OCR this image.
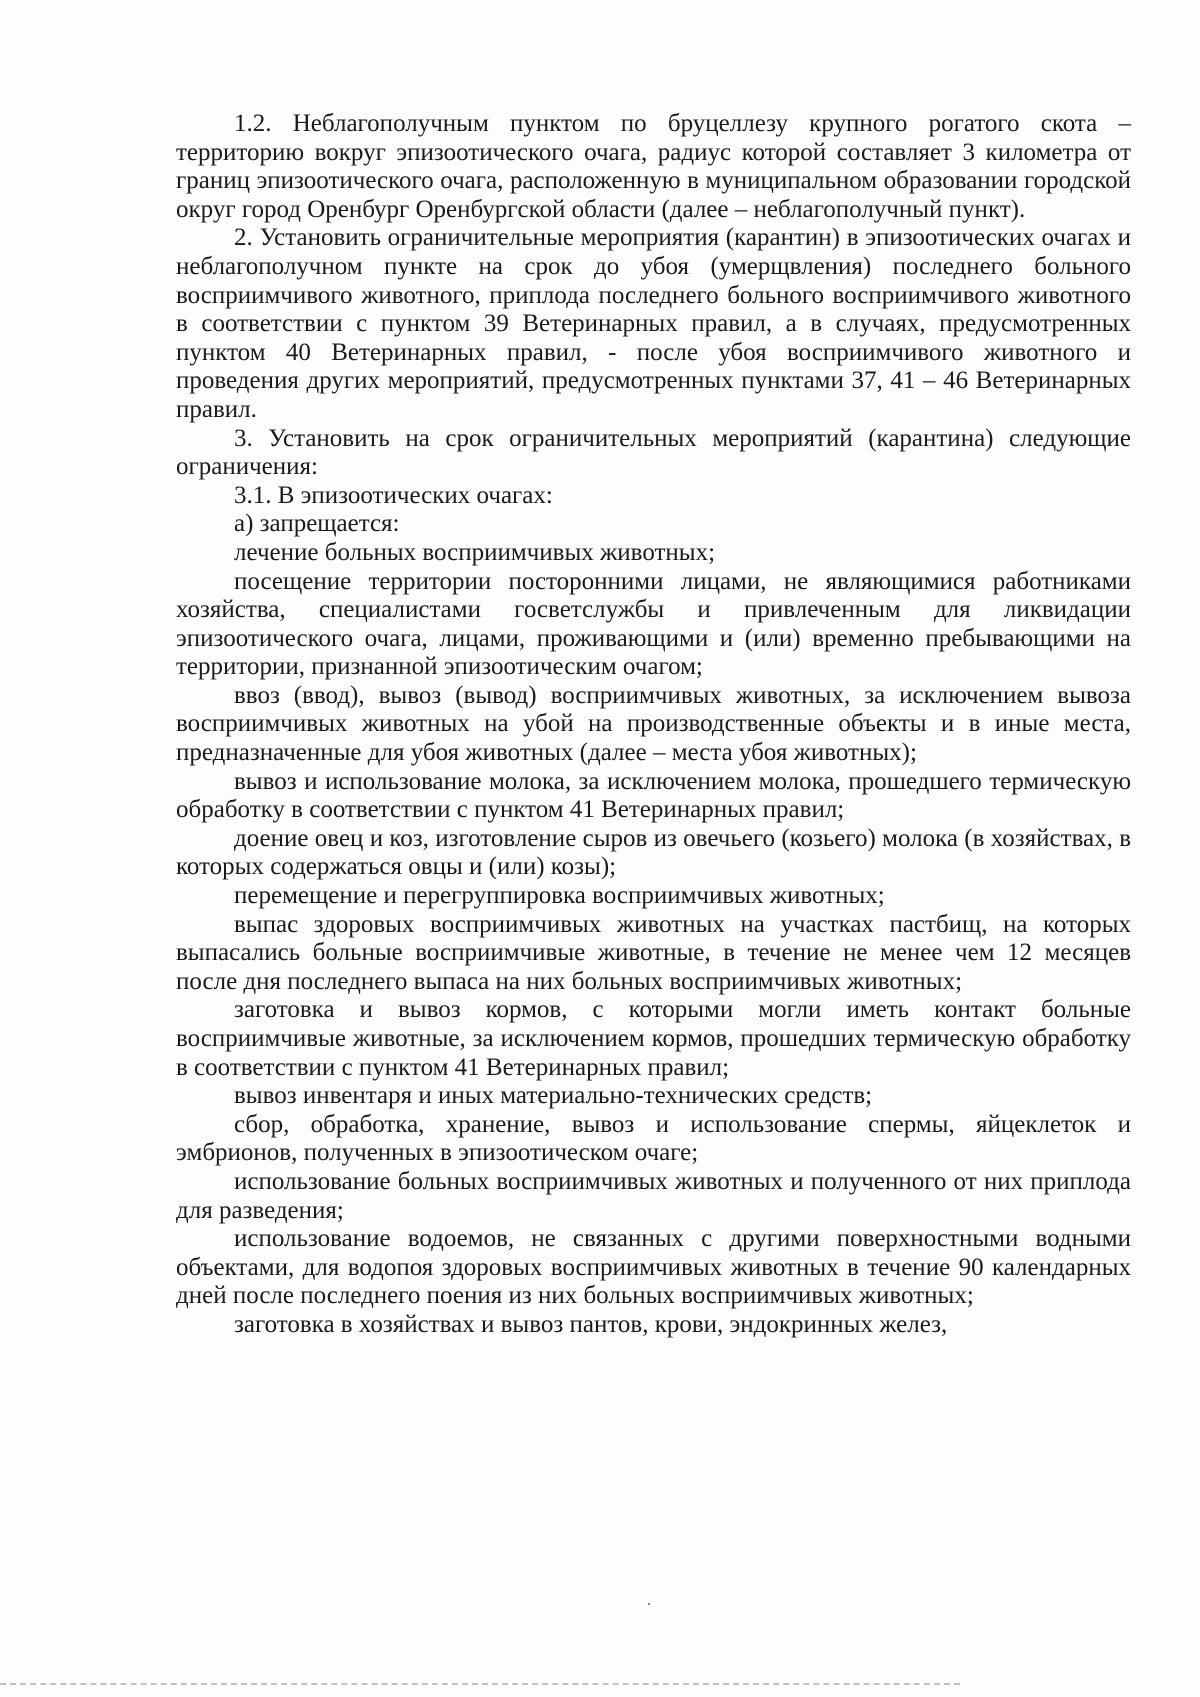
1.2. Неблагополучным пунктом по бруцеллезу крупного рогатого скота – территорию вокруг эпизоотического очага, радиус которой составляет 3 километра от границ эпизоотического очага, расположенную в муниципальном образовании городской округ город Оренбург Оренбургской области (далее – неблагополучный пункт).

2. Установить ограничительные мероприятия (карантин) в эпизоотических очагах и неблагополучном пункте на срок до убоя (умерщвления) последнего больного восприимчивого животного, приплода последнего больного восприимчивого животного в соответствии с пунктом 39 Ветеринарных правил, а в случаях, предусмотренных пунктом 40 Ветеринарных правил, - после убоя восприимчивого животного и проведения других мероприятий, предусмотренных пунктами 37, 41 – 46 Ветеринарных правил.

3. Установить на срок ограничительных мероприятий (карантина) следующие ограничения:

3.1. В эпизоотических очагах:

а) запрещается:

лечение больных восприимчивых животных;

посещение территории посторонними лицами, не являющимися работниками хозяйства, специалистами госветслужбы и привлеченным для ликвидации эпизоотического очага, лицами, проживающими и (или) временно пребывающими на территории, признанной эпизоотическим очагом;

ввоз (ввод), вывоз (вывод) восприимчивых животных, за исключением вывоза восприимчивых животных на убой на производственные объекты и в иные места, предназначенные для убоя животных (далее – места убоя животных);

вывоз и использование молока, за исключением молока, прошедшего термическую обработку в соответствии с пунктом 41 Ветеринарных правил;

доение овец и коз, изготовление сыров из овечьего (козьего) молока (в хозяйствах, в которых содержаться овцы и (или) козы);

перемещение и перегруппировка восприимчивых животных;

выпас здоровых восприимчивых животных на участках пастбищ, на которых выпасались больные восприимчивые животные, в течение не менее чем 12 месяцев после дня последнего выпаса на них больных восприимчивых животных;

заготовка и вывоз кормов, с которыми могли иметь контакт больные восприимчивые животные, за исключением кормов, прошедших термическую обработку в соответствии с пунктом 41 Ветеринарных правил;

вывоз инвентаря и иных материально-технических средств;

сбор, обработка, хранение, вывоз и использование спермы, яйцеклеток и эмбрионов, полученных в эпизоотическом очаге;

использование больных восприимчивых животных и полученного от них приплода для разведения;

использование водоемов, не связанных с другими поверхностными водными объектами, для водопоя здоровых восприимчивых животных в течение 90 календарных дней после последнего поения из них больных восприимчивых животных;

заготовка в хозяйствах и вывоз пантов, крови, эндокринных желез,
